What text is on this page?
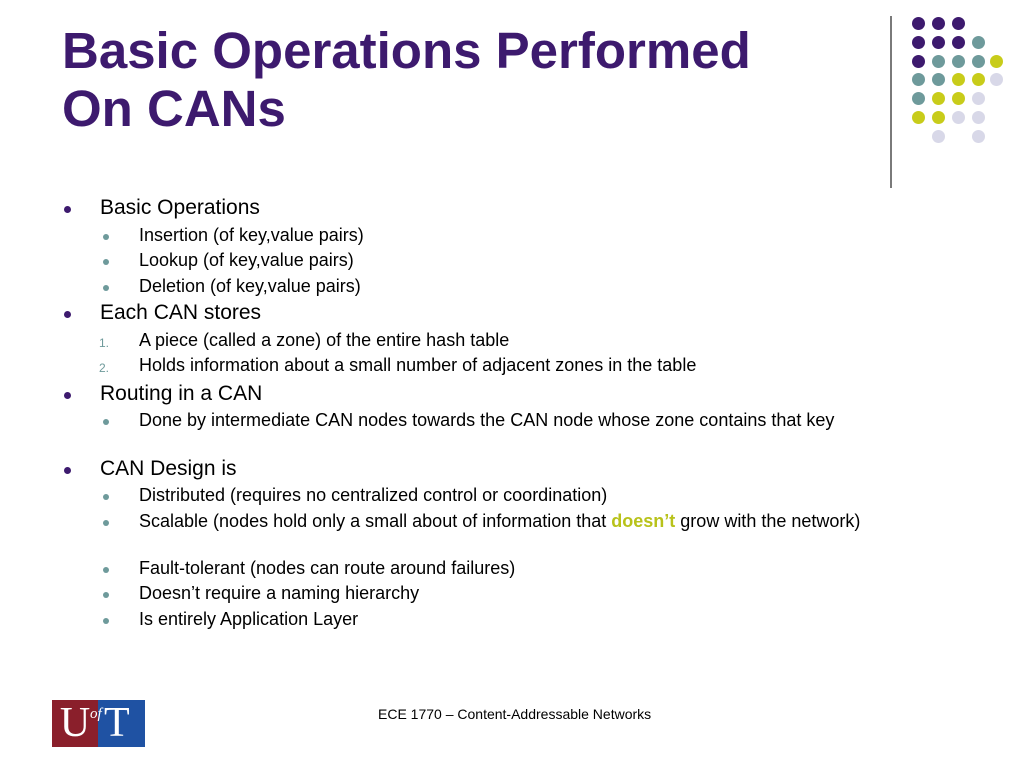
Basic Operations Performed
On CANs
Basic Operations
Insertion (of key,value pairs)
Lookup (of key,value pairs)
Deletion (of key,value pairs)
Each CAN stores
1. A piece (called a zone) of the entire hash table
2. Holds information about a small number of adjacent zones in the table
Routing in a CAN
Done by intermediate CAN nodes towards the CAN node whose zone contains that key
CAN Design is
Distributed (requires no centralized control or coordination)
Scalable (nodes hold only a small about of information that doesn’t grow with the network)
Fault-tolerant (nodes can route around failures)
Doesn’t require a naming hierarchy
Is entirely Application Layer
U of T	ECE 1770 – Content-Addressable Networks
